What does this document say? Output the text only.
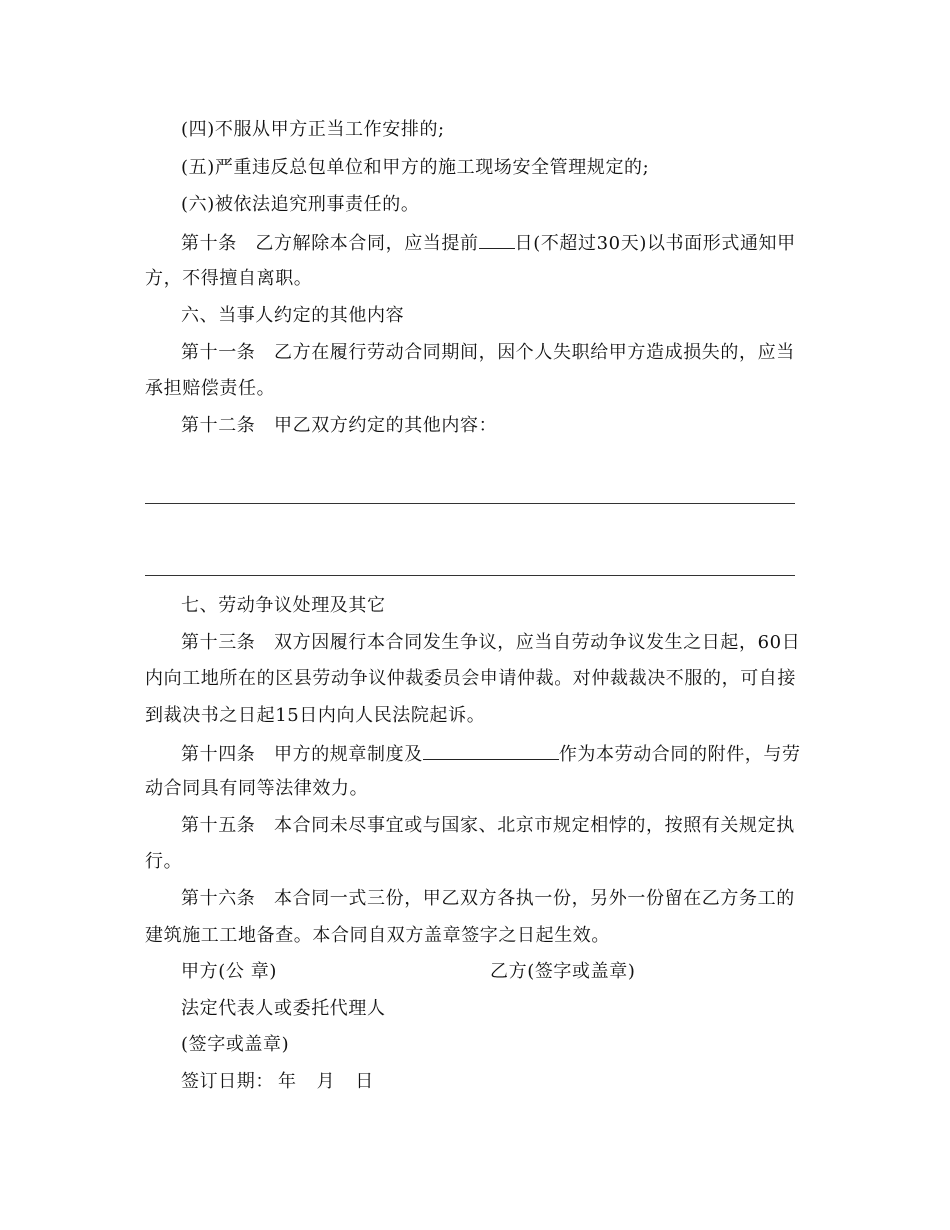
(四)不服从甲方正当工作安排的;
(五)严重违反总包单位和甲方的施工现场安全管理规定的;
(六)被依法追究刑事责任的。
第十条　乙方解除本合同，应当提前 日(不超过30天)以书面形式通知甲
方，不得擅自离职。
六、当事人约定的其他内容
第十一条　乙方在履行劳动合同期间，因个人失职给甲方造成损失的，应当
承担赔偿责任。
第十二条　甲乙双方约定的其他内容：
七、劳动争议处理及其它
第十三条　双方因履行本合同发生争议，应当自劳动争议发生之日起，60日
内向工地所在的区县劳动争议仲裁委员会申请仲裁。对仲裁裁决不服的，可自接
到裁决书之日起15日内向人民法院起诉。
第十四条　甲方的规章制度及	作为本劳动合同的附件，与劳
动合同具有同等法律效力。
第十五条　本合同未尽事宜或与国家、北京市规定相悖的，按照有关规定执
行。
第十六条　本合同一式三份，甲乙双方各执一份，另外一份留在乙方务工的
建筑施工工地备查。本合同自双方盖章签字之日起生效。
甲方(公 章)	乙方(签字或盖章)
法定代表人或委托代理人
(签字或盖章)
签订日期： 年 月 日
